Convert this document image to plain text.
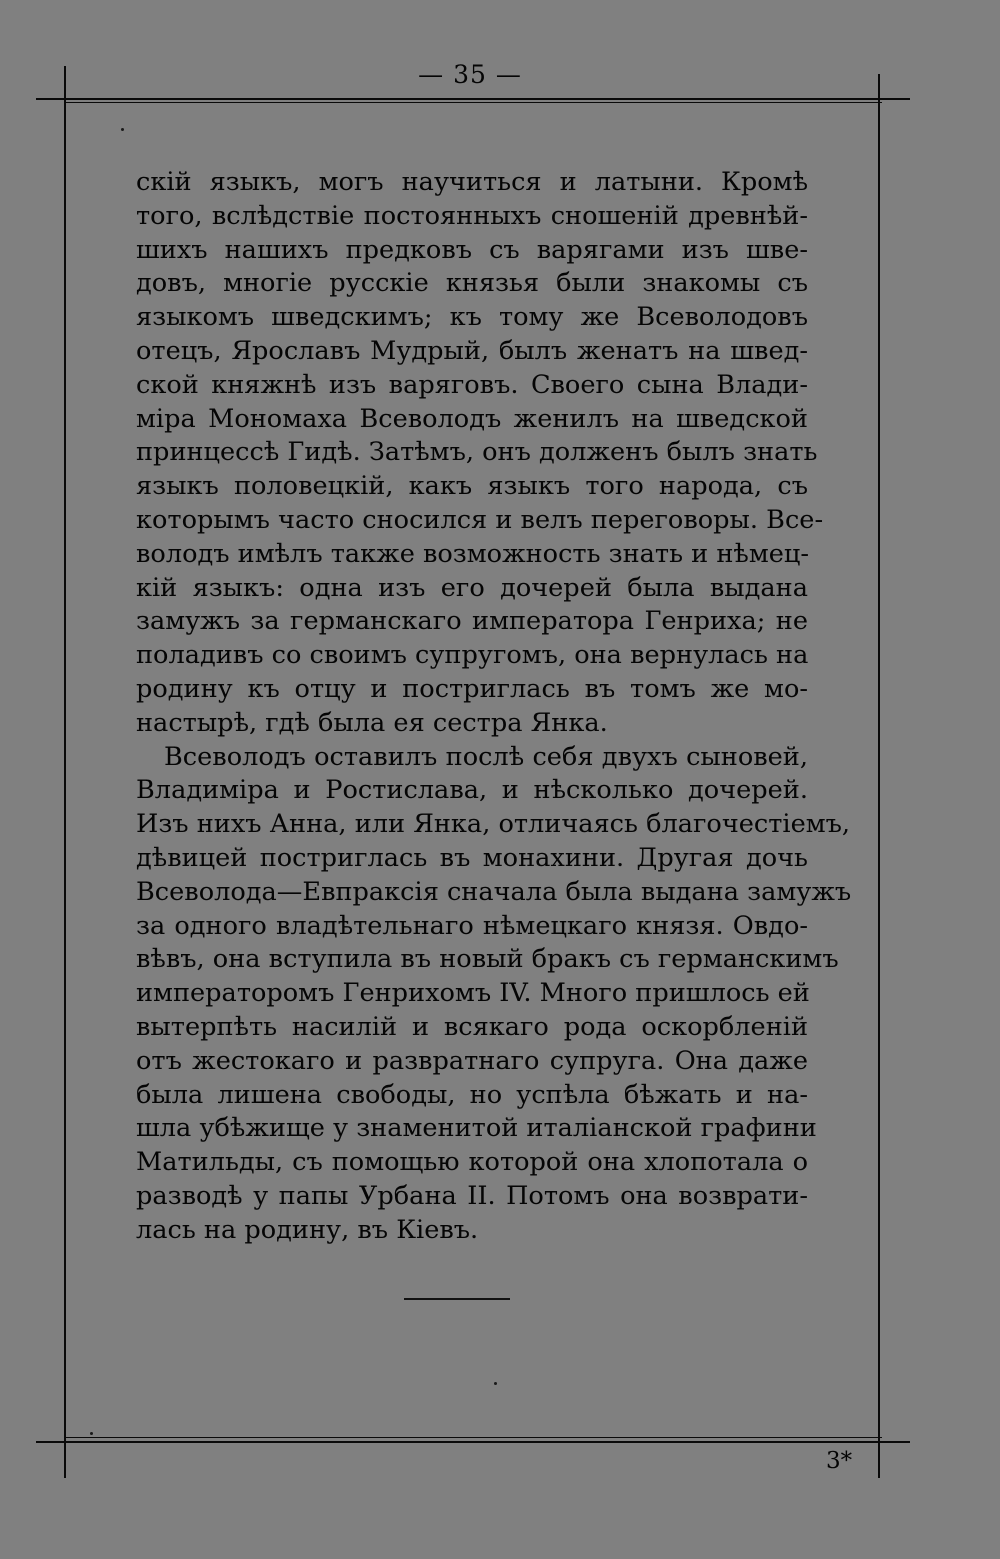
— 35 —
скій языкъ, могъ научиться и латыни. Кромѣ
того, вслѣдствіе постоянныхъ сношеній древнѣй-
шихъ нашихъ предковъ съ варягами изъ шве-
довъ, многіе русскіе князья были знакомы съ
языкомъ шведскимъ; къ тому же Всеволодовъ
отецъ, Ярославъ Мудрый, былъ женатъ на швед-
ской княжнѣ изъ варяговъ. Своего сына Влади-
міра Мономаха Всеволодъ женилъ на шведской
принцессѣ Гидѣ. Затѣмъ, онъ долженъ былъ знать
языкъ половецкій, какъ языкъ того народа, съ
которымъ часто сносился и велъ переговоры. Все-
володъ имѣлъ также возможность знать и нѣмец-
кій языкъ: одна изъ его дочерей была выдана
замужъ за германскаго императора Генриха; не
поладивъ со своимъ супругомъ, она вернулась на
родину къ отцу и постриглась въ томъ же мо-
настырѣ, гдѣ была ея сестра Янка.
Всеволодъ оставилъ послѣ себя двухъ сыновей,
Владиміра и Ростислава, и нѣсколько дочерей.
Изъ нихъ Анна, или Янка, отличаясь благочестіемъ,
дѣвицей постриглась въ монахини. Другая дочь
Всеволода—Евпраксія сначала была выдана замужъ
за одного владѣтельнаго нѣмецкаго князя. Овдо-
вѣвъ, она вступила въ новый бракъ съ германскимъ
императоромъ Генрихомъ IV. Много пришлось ей
вытерпѣть насилій и всякаго рода оскорбленій
отъ жестокаго и развратнаго супруга. Она даже
была лишена свободы, но успѣла бѣжать и на-
шла убѣжище у знаменитой италіанской графини
Матильды, съ помощью которой она хлопотала о
разводѣ у папы Урбана II. Потомъ она возврати-
лась на родину, въ Кіевъ.
3*
